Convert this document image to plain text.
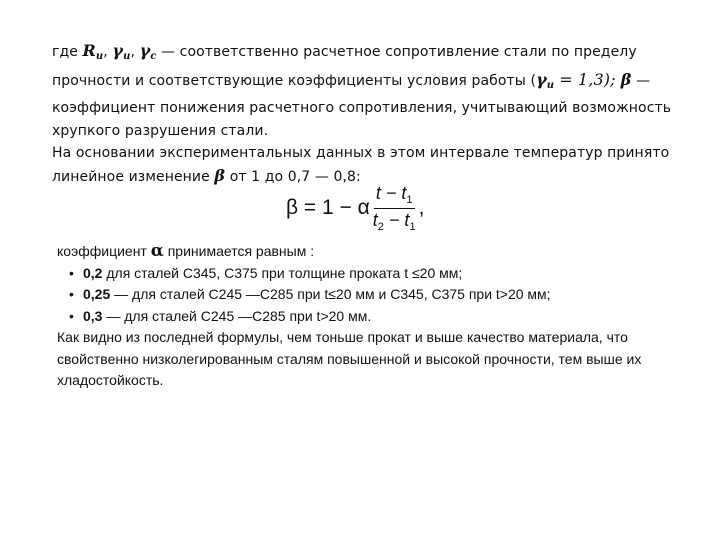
где $R_u$, $\gamma_u$, $\gamma_c$ — соответственно расчетное сопротивление стали по пределу прочности и соответствующие коэффициенты условия работы $(\gamma_u = 1,3)$; β — коэффициент понижения расчетного сопротивления, учитывающий возможность хрупкого разрушения стали.

На основании экспериментальных данных в этом интервале температур принято линейное изменение β от 1 до 0,7 — 0,8:

β = 1 − α $\frac{t - t_1}{t_2 - t_1}$ ,

коэффициент α принимается равным :

• 0,2 для сталей С345, С375 при толщине проката t ≤20 мм;
• 0,25 — для сталей С245 —С285 при t≤20 мм и С345, С375 при t>20 мм;
• 0,3 — для сталей С245 —С285 при t>20 мм.

Как видно из последней формулы, чем тоньше прокат и выше качество материала, что свойственно низколегированным сталям повышенной и высокой прочности, тем выше их хладостойкость.
